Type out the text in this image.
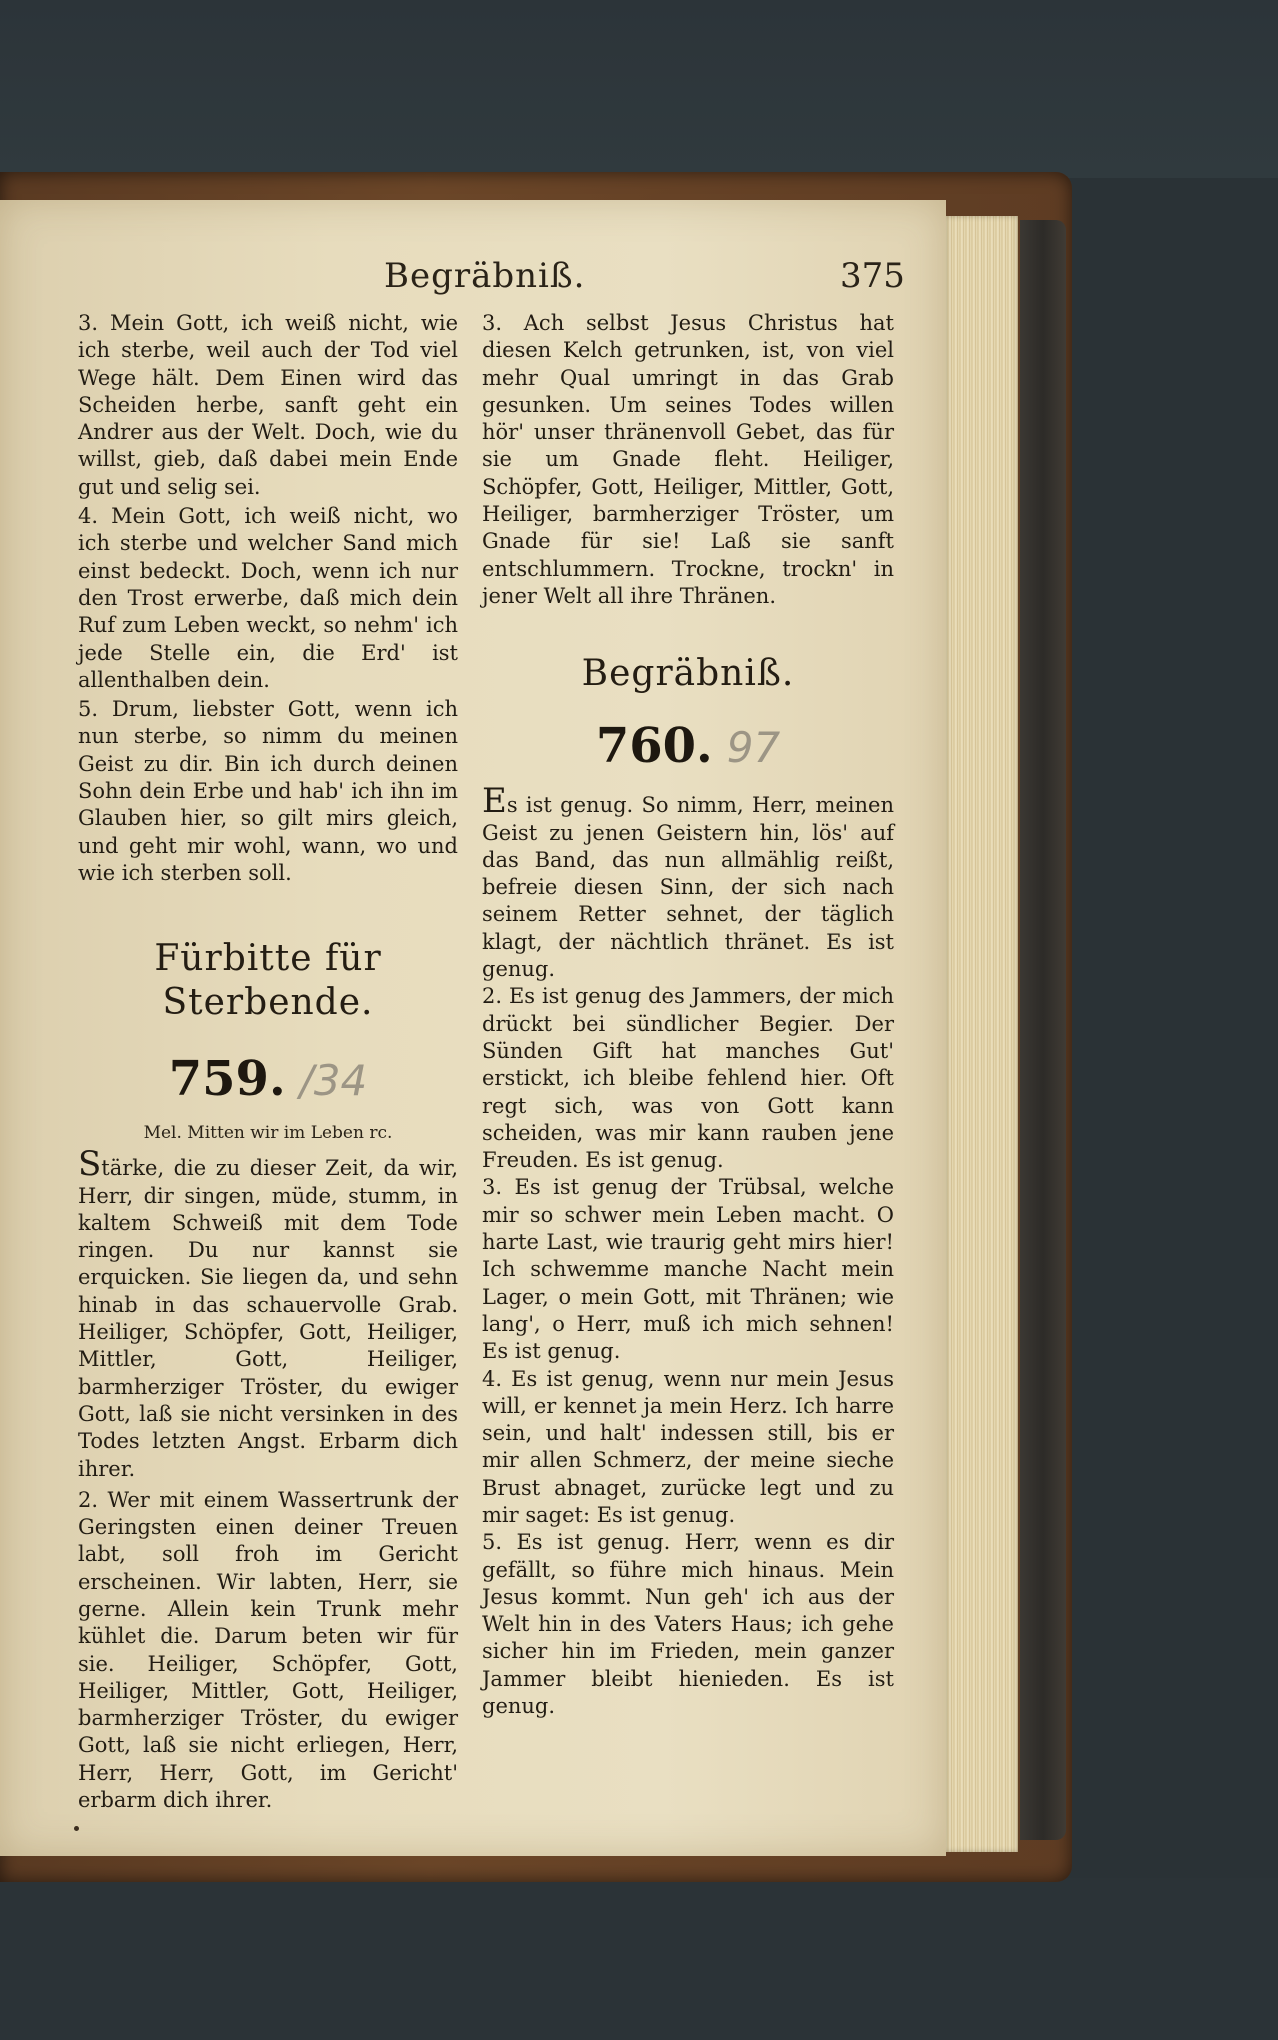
Begräbniß.	375

3. Mein Gott, ich weiß nicht, wie ich sterbe, weil auch der Tod viel Wege hält. Dem Einen wird das Scheiden herbe, sanft geht ein Andrer aus der Welt. Doch, wie du willst, gieb, daß dabei mein Ende gut und selig sei.

4. Mein Gott, ich weiß nicht, wo ich sterbe und welcher Sand mich einst bedeckt. Doch, wenn ich nur den Trost erwerbe, daß mich dein Ruf zum Leben weckt, so nehm' ich jede Stelle ein, die Erd' ist allenthalben dein.

5. Drum, liebster Gott, wenn ich nun sterbe, so nimm du meinen Geist zu dir. Bin ich durch deinen Sohn dein Erbe und hab' ich ihn im Glauben hier, so gilt mirs gleich, und geht mir wohl, wann, wo und wie ich sterben soll.

Fürbitte für Sterbende.

759. /34

Mel. Mitten wir im Leben rc.

Stärke, die zu dieser Zeit, da wir, Herr, dir singen, müde, stumm, in kaltem Schweiß mit dem Tode ringen. Du nur kannst sie erquicken. Sie liegen da, und sehn hinab in das schauervolle Grab. Heiliger, Schöpfer, Gott, Heiliger, Mittler, Gott, Heiliger, barmherziger Tröster, du ewiger Gott, laß sie nicht versinken in des Todes letzten Angst. Erbarm dich ihrer.

2. Wer mit einem Wassertrunk der Geringsten einen deiner Treuen labt, soll froh im Gericht erscheinen. Wir labten, Herr, sie gerne. Allein kein Trunk mehr kühlet die. Darum beten wir für sie. Heiliger, Schöpfer, Gott, Heiliger, Mittler, Gott, Heiliger, barmherziger Tröster, du ewiger Gott, laß sie nicht erliegen, Herr, Herr, Herr, Gott, im Gericht' erbarm dich ihrer.

3. Ach selbst Jesus Christus hat diesen Kelch getrunken, ist, von viel mehr Qual umringt in das Grab gesunken. Um seines Todes willen hör' unser thränenvoll Gebet, das für sie um Gnade fleht. Heiliger, Schöpfer, Gott, Heiliger, Mittler, Gott, Heiliger, barmherziger Tröster, um Gnade für sie! Laß sie sanft entschlummern. Trockne, trockn' in jener Welt all ihre Thränen.

Begräbniß.

760. 97

Es ist genug. So nimm, Herr, meinen Geist zu jenen Geistern hin, lös' auf das Band, das nun allmählig reißt, befreie diesen Sinn, der sich nach seinem Retter sehnet, der täglich klagt, der nächtlich thränet. Es ist genug.

2. Es ist genug des Jammers, der mich drückt bei sündlicher Begier. Der Sünden Gift hat manches Gut' erstickt, ich bleibe fehlend hier. Oft regt sich, was von Gott kann scheiden, was mir kann rauben jene Freuden. Es ist genug.

3. Es ist genug der Trübsal, welche mir so schwer mein Leben macht. O harte Last, wie traurig geht mirs hier! Ich schwemme manche Nacht mein Lager, o mein Gott, mit Thränen; wie lang', o Herr, muß ich mich sehnen! Es ist genug.

4. Es ist genug, wenn nur mein Jesus will, er kennet ja mein Herz. Ich harre sein, und halt' indessen still, bis er mir allen Schmerz, der meine sieche Brust abnaget, zurücke legt und zu mir saget: Es ist genug.

5. Es ist genug. Herr, wenn es dir gefällt, so führe mich hinaus. Mein Jesus kommt. Nun geh' ich aus der Welt hin in des Vaters Haus; ich gehe sicher hin im Frieden, mein ganzer Jammer bleibt hienieden. Es ist genug.
